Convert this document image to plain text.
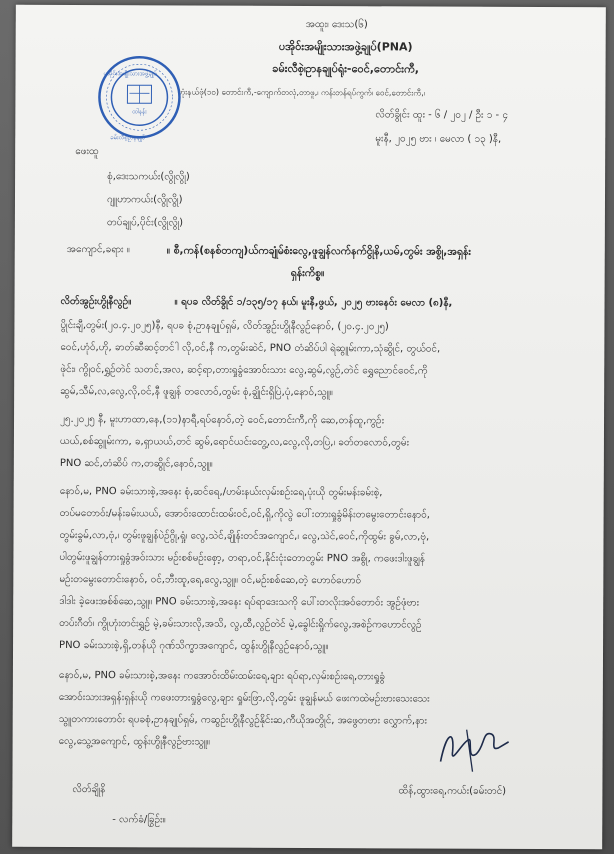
အထူး၊ ဒေးသ(၆)
ပအိုဝ်းအမျိုးသားအဖွဲ့ချုပ်(PNA)
ခမ်းလီစဲ့၊ဥာနချုပ်ရုံး-ဝေင်,တောင်းကီ,
ဟုံးနယ်ဖုံ(၁၀) တောင်းကီ,-ကျောက်တလုံ,တာဖူ,၊ ကန်းတန်ရပ်ကွက်၊ ဝေင်,တောင်းကီ,၊
ထါနန်း
ပအိုဝ်းအမျိုးသားအဖွဲ့ချုပ်
ခမ်းလီစဲ့ဥာနချုပ်
လိတ်ခွိုင်း ထူး - ၆ / ၂၀၂ / ဦး ၁ - ၄
မူးနီ, ၂၀၂၅ ဗား ၊ မေလာ ( ၁၃ )နီ,
ဖေးထူ
စုံ,ဒေးသကယ်း(လွိုလွို)
ဂျူဟာကယ်း(လွိုလွို)
တပ်ချုပ်,ပိုင်း(လွိုလွို)
အကျောင်,ခရား ။	။ စီ,ကန်(စနစ်တကျ)ယ်ကချုံမ်စံးလွေ,ဖူချွန်လက်နက်ငွိုနိ,ယမ်,တွမ်း အစွို,အရှန်း
ရှန်းကိစ္စ။
လိတ်အွဥ်းဟွိုနီလွဥ်။	။ ရပခ လိတ်ခွိုင် ၁/၁၃၅/၁၇ နယ်၊ မူးနီ,ဖွယ်, ၂၀၂၅ ဗားနေဝ်း မေလာ (၈)နီ,
ပွိုင်းချီ,တွမ်း(၂၀.၄.၂၀၂၅)နီ, ရပခ စုံ,ဥာနချုပ်ရှမ်, လိတ်အွဥ်းဟွိုနီလွဥ်နောဝ်, (၂၀.၄.၂၀၂၅)
ဝေင်,ဟုံဝ်,ဟို, ခာတ်ဆီဆင့်တင်ါ လို,ဝင်,နီ က,တွမ်းဆဲင်, PNO တံဆိပ်ပါ ရဲဆွူမ်းကာ,သုံဆွိုင်, တွယ်ဝင်,
ဖုဲင်း၊ ကွိုဝင်,ရွှဥ်တဲင် သတင်,အလ, ဆင့်ရာ,တားရှုခွံအောဝ်းသား လွေ,ဆွမ်,လွဥ်,တဲင် ရွှေညောင်ဝေင်,ကို
ဆွမ်,သီမ်,လ,လွေ,လို,ဝင်,နီ ဖူချွန် တလောဝ်,တွမ်း စုံ,ချွိုင်းရှိပြဲ,ပုံ,နောဝ်,သွူ။
၂၅.၂၀၂၅ နီ, မူးဟာထာ,နေ,(၁၁)နာရီ,ရပ်နောဝ်,တဲ့ ဝေင်,တောင်းကီ,ကို ဆေ,တန်ထူ,ကွဥ်း
ယယ်,စစ်ဆွူမ်းကာ, ခ,ရှာယယ်,တင် ဆွမ်,ရောင်ယင်းတွေ့,လ,လွေ,လို,တပြဲ,၊ ခတ်တလောဝ်,တွမ်း
PNO ဆင်,တံဆိပ် က,တဆွိုင်,နောဝ်,သွူ။
နောဝ်,မ, PNO ခမ်းသားစဲ့,အနေး စုံ,ဆင်ရေ,/ဟမ်းနယ်းလှမ်းစဥ်းရေ,ပုံးယို တွမ်းမန်းခမ်းစဲ့,
တပ်မတောဝ်း/မန်းခမ်းယယ်, အောဝ်းထောင်းထမ်းဝင်,ဝင်,ရှိ,ကိုလွဲ ပေါ်းတားရှုခွံမိန်းတမွေးတောင်းနောဝ်,
တွမ်းခွမ်,လာ,ဗုံ,၊ တွမ်းဖူချွန်ပဲဥ်ဂွို,ရှုံ၊ လွေ,သဲင်,ချိုန်းတင်အကျောင်,၊ လွေ,သဲင်,ဝေင်,ကိုထွမ်း ခွမ်,လာ,ဗုံ,
ပါတွမ်းဖူချွန်တားရှုခွံအဝ်းသား မဥ်းစစ်မဥ်းစှော့, တရာ,ဝင်,နိုင်းငုံးတောတွမ်း PNO အစွို, ကဖေးဒါးဖူချွန်
မဥ်းတမွေးတောင်းနောဝ်, ဝင်,ဘီးထူ,ရေ,လွေ,သွူ။ ဝင်,မဥ်းစစ်ဆေ,တဲ့ ဟောဝ်ဟောဝ်
ဒါဒါး ခဲ့ဖေးအစ်စ်ဆေ,သွူ။ PNO ခမ်းသားစဲ့,အနေး ရပ်ရာဒေးသကို ပေါ်းတလိုးအဝ်တောဝ်း အွဥ်ဖုံဗား
တပ်းဂီတ်၊ ကွိုဟုံးတင်းရွှဥ် မဲ့,ခမ်းသားလို,အသိ, လွ,ထီ,လွဥ်တဲင် မဲ့,ခွေါင်းရှိုက်လွေ,အစဲဥ်ကဟောင်လွဥ်
PNO ခမ်းသားစဲ့,ရှိ,တန်ယို ဂုဏ်သိက္ခာအကျောင်, ထွန်းဟွိုနီလွဥ်နောဝ်,သွူ။
နောဝ်,မ, PNO ခမ်းသားစဲ့,အနေး ကအောဝ်းထိမ်းထမ်းရေ,ချား ရပ်ရာ,လှမ်းစဥ်းရေ,တားရှုခွံ
အောဝ်းသားအရှန်းရှန်းယို ကဖေးတားရှုခွံလွေ,ချား ရှုမ်းဖြာ,လို,တွမ်း ဖူချွန်မယ် ဖေးကထဲမဥ်းဗားသေးသေး
သွူတကားတောဝ်း ရပခစုံ,ဥာနချုပ်ရှမ်, ကဆွဥ်းဟွိုနီလွဥ်နိုင်းဆ,ကီယိုအတွိုင်, အဖွေတဗား လွှောက်,နား
လွေ,သွေ့အကျောင်, ထွန်းဟွိုနီလွဥ်ဗားသွူ။
လိတ်ချိုနိ	ထိန်,ထွားရေ,ကယ်း(ခမ်းတင်)
- လက်ခံ/ခြွဥ်း။
